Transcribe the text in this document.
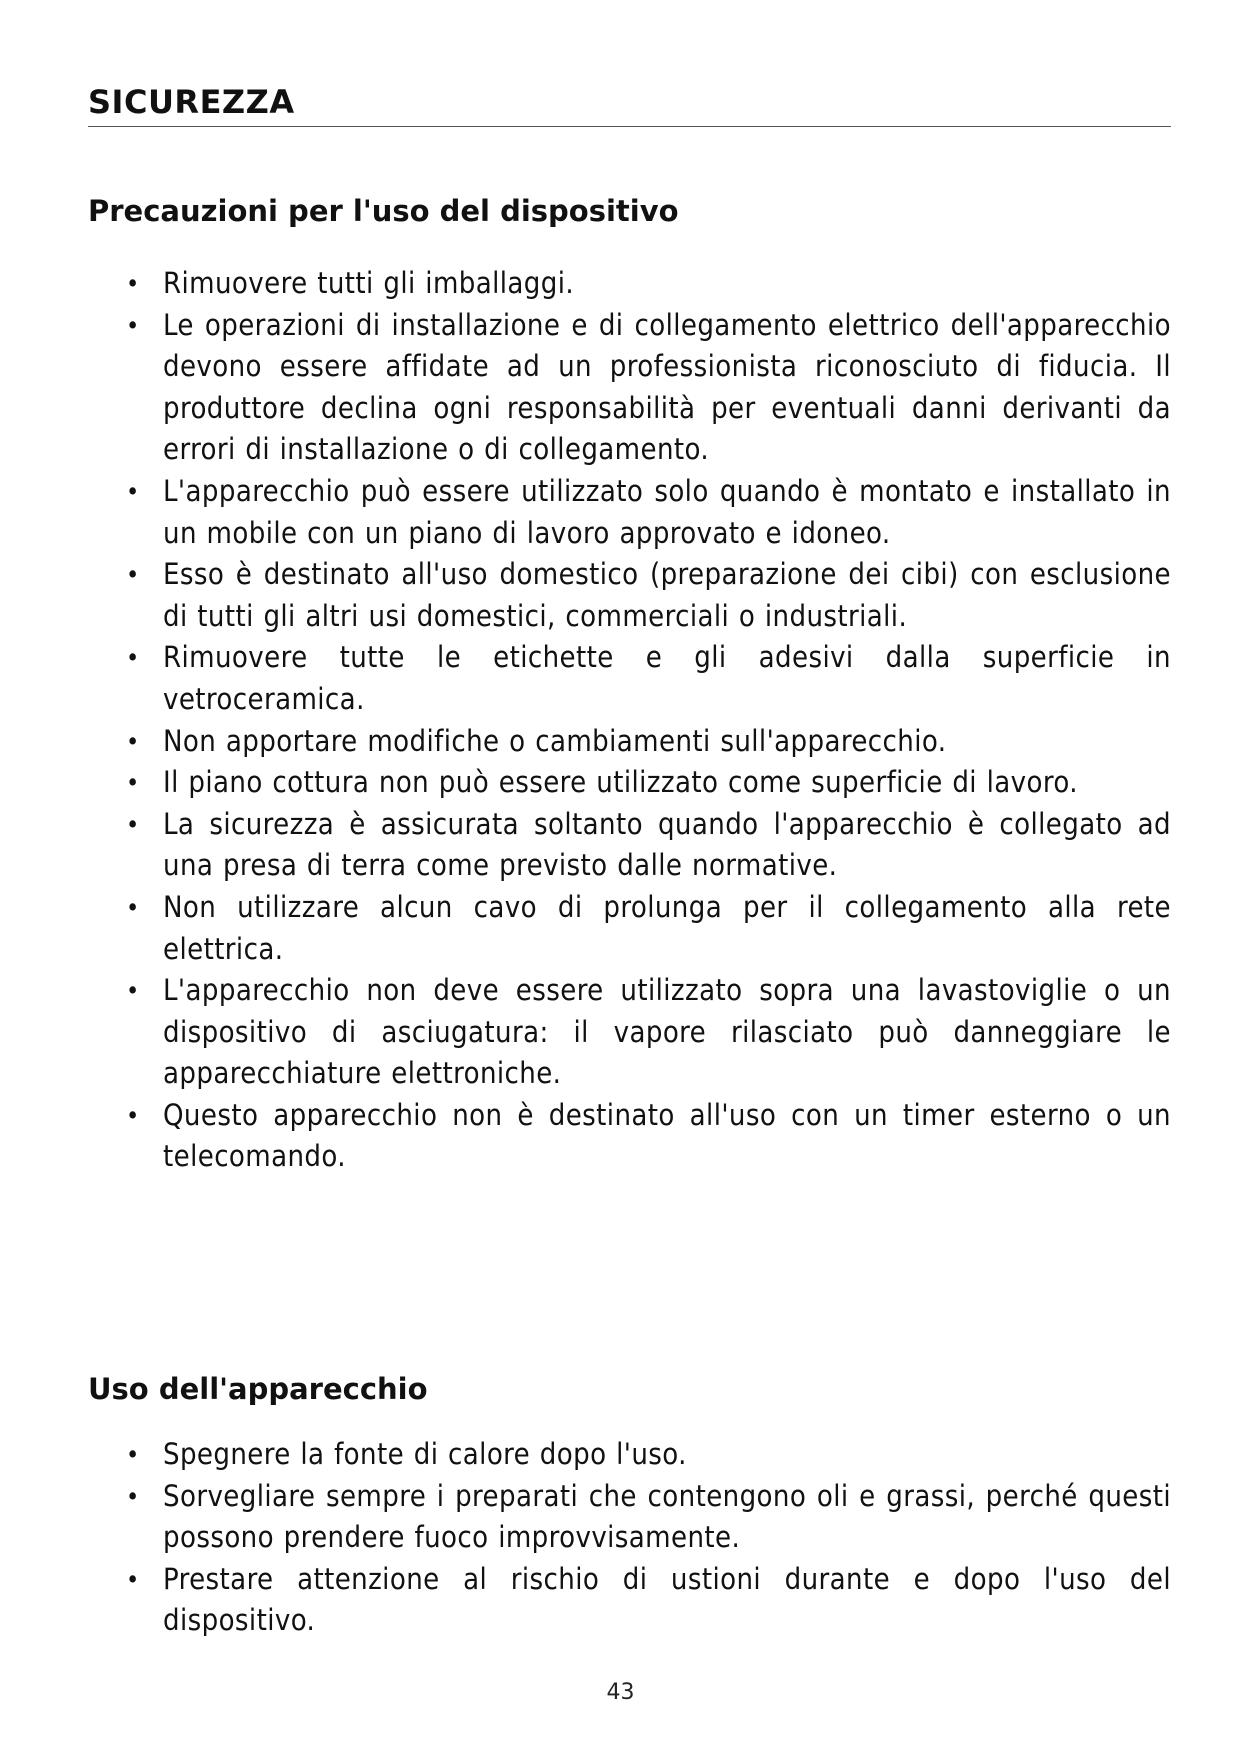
SICUREZZA
Precauzioni per l'uso del dispositivo
• Rimuovere tutti gli imballaggi.
• Le operazioni di installazione e di collegamento elettrico dell'apparecchio devono essere affidate ad un professionista riconosciuto di fiducia. Il produttore declina ogni responsabilità per eventuali danni derivanti da errori di installazione o di collegamento.
• L'apparecchio può essere utilizzato solo quando è montato e installato in un mobile con un piano di lavoro approvato e idoneo.
• Esso è destinato all'uso domestico (preparazione dei cibi) con esclusione di tutti gli altri usi domestici, commerciali o industriali.
• Rimuovere tutte le etichette e gli adesivi dalla superficie in vetroceramica.
• Non apportare modifiche o cambiamenti sull'apparecchio.
• Il piano cottura non può essere utilizzato come superficie di lavoro.
• La sicurezza è assicurata soltanto quando l'apparecchio è collegato ad una presa di terra come previsto dalle normative.
• Non utilizzare alcun cavo di prolunga per il collegamento alla rete elettrica.
• L'apparecchio non deve essere utilizzato sopra una lavastoviglie o un dispositivo di asciugatura: il vapore rilasciato può danneggiare le apparecchiature elettroniche.
• Questo apparecchio non è destinato all'uso con un timer esterno o un telecomando.
Uso dell'apparecchio
• Spegnere la fonte di calore dopo l'uso.
• Sorvegliare sempre i preparati che contengono oli e grassi, perché questi possono prendere fuoco improvvisamente.
• Prestare attenzione al rischio di ustioni durante e dopo l'uso del dispositivo.
43
